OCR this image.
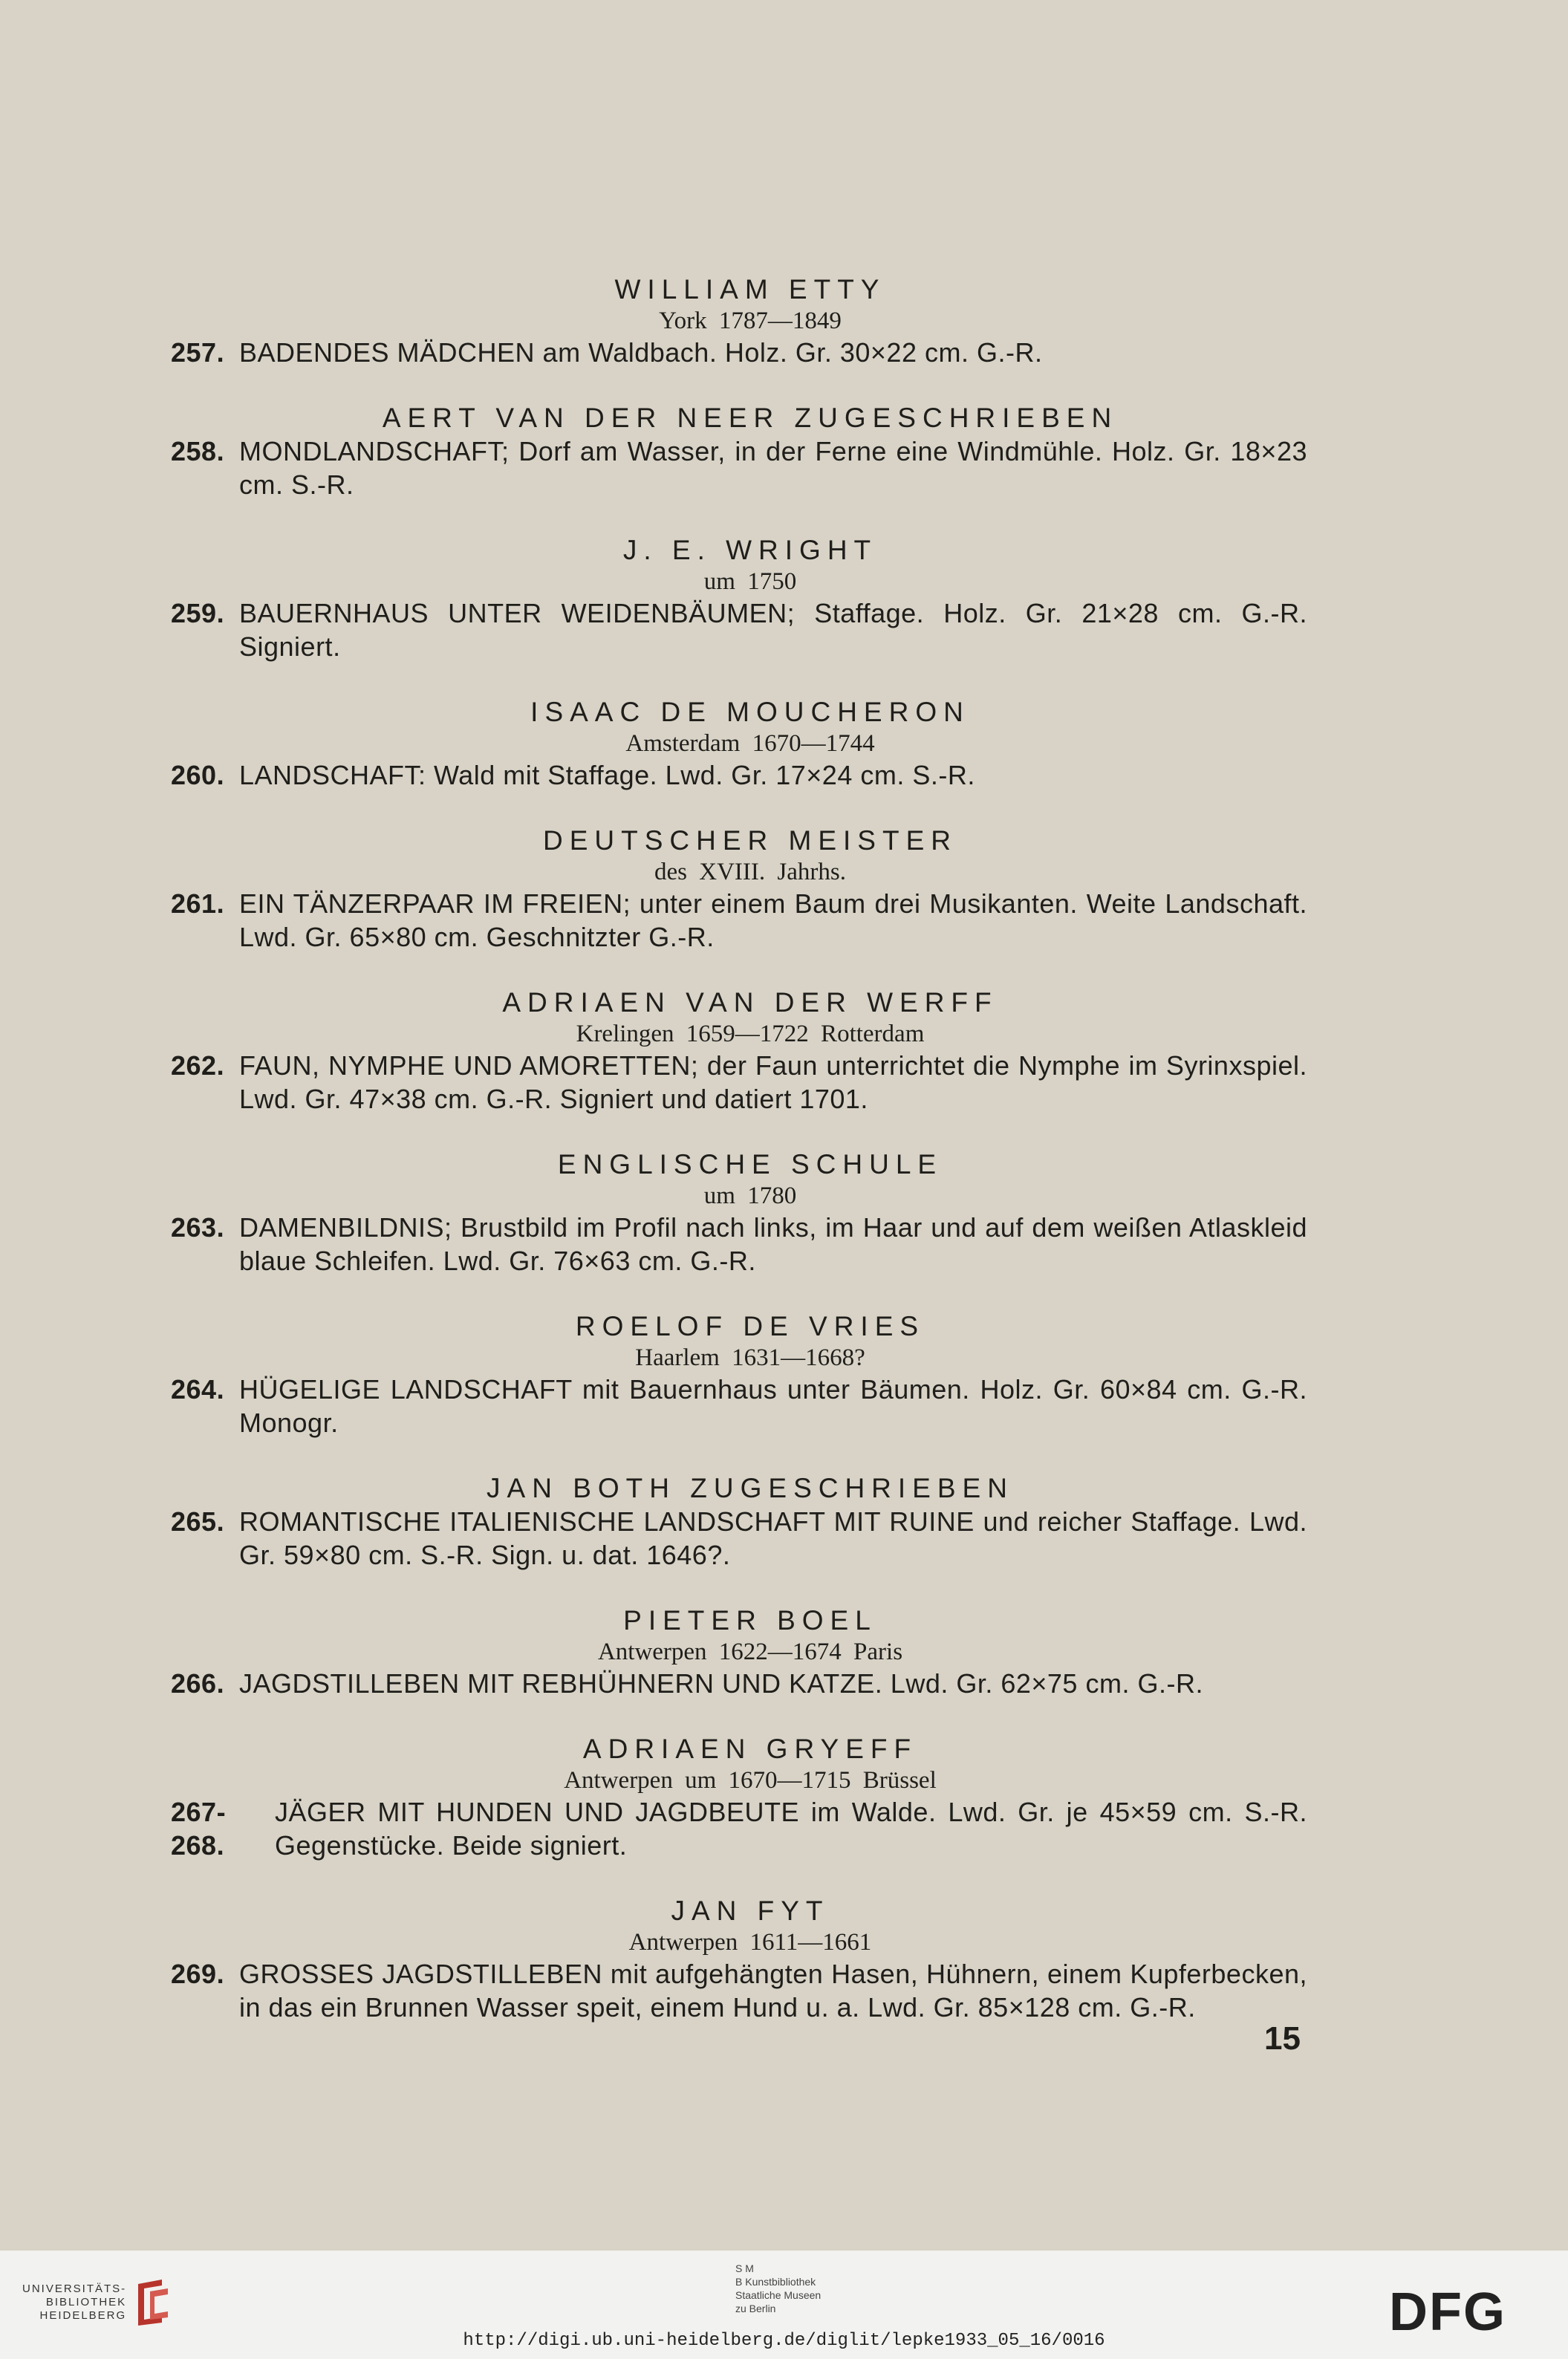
WILLIAM ETTY
York 1787—1849
257. BADENDES MÄDCHEN am Waldbach. Holz. Gr. 30×22 cm. G.-R.
AERT VAN DER NEER ZUGESCHRIEBEN
258. MONDLANDSCHAFT; Dorf am Wasser, in der Ferne eine Windmühle. Holz. Gr. 18×23 cm. S.-R.
J. E. WRIGHT
um 1750
259. BAUERNHAUS UNTER WEIDENBÄUMEN; Staffage. Holz. Gr. 21×28 cm. G.-R. Signiert.
ISAAC DE MOUCHERON
Amsterdam 1670—1744
260. LANDSCHAFT: Wald mit Staffage. Lwd. Gr. 17×24 cm. S.-R.
DEUTSCHER MEISTER
des XVIII. Jahrhs.
261. EIN TÄNZERPAAR IM FREIEN; unter einem Baum drei Musikanten. Weite Landschaft. Lwd. Gr. 65×80 cm. Geschnitzter G.-R.
ADRIAEN VAN DER WERFF
Krelingen 1659—1722 Rotterdam
262. FAUN, NYMPHE UND AMORETTEN; der Faun unterrichtet die Nymphe im Syrinxspiel. Lwd. Gr. 47×38 cm. G.-R. Signiert und datiert 1701.
ENGLISCHE SCHULE
um 1780
263. DAMENBILDNIS; Brustbild im Profil nach links, im Haar und auf dem weißen Atlaskleid blaue Schleifen. Lwd. Gr. 76×63 cm. G.-R.
ROELOF DE VRIES
Haarlem 1631—1668?
264. HÜGELIGE LANDSCHAFT mit Bauernhaus unter Bäumen. Holz. Gr. 60×84 cm. G.-R. Monogr.
JAN BOTH ZUGESCHRIEBEN
265. ROMANTISCHE ITALIENISCHE LANDSCHAFT MIT RUINE und reicher Staffage. Lwd. Gr. 59×80 cm. S.-R. Sign. u. dat. 1646?.
PIETER BOEL
Antwerpen 1622—1674 Paris
266. JAGDSTILLEBEN MIT REBHÜHNERN UND KATZE. Lwd. Gr. 62×75 cm. G.-R.
ADRIAEN GRYEFF
Antwerpen um 1670—1715 Brüssel
267-268.
JÄGER MIT HUNDEN UND JAGDBEUTE im Walde. Lwd. Gr. je 45×59 cm. S.-R. Gegenstücke. Beide signiert.
JAN FYT
Antwerpen 1611—1661
269. GROSSES JAGDSTILLEBEN mit aufgehängten Hasen, Hühnern, einem Kupferbecken, in das ein Brunnen Wasser speit, einem Hund u. a. Lwd. Gr. 85×128 cm. G.-R.
15
UNIVERSITÄTS-
BIBLIOTHEK
HEIDELBERG
S M
B Kunstbibliothek
Staatliche Museen
zu Berlin	DFG
http://digi.ub.uni-heidelberg.de/diglit/lepke1933_05_16/0016
